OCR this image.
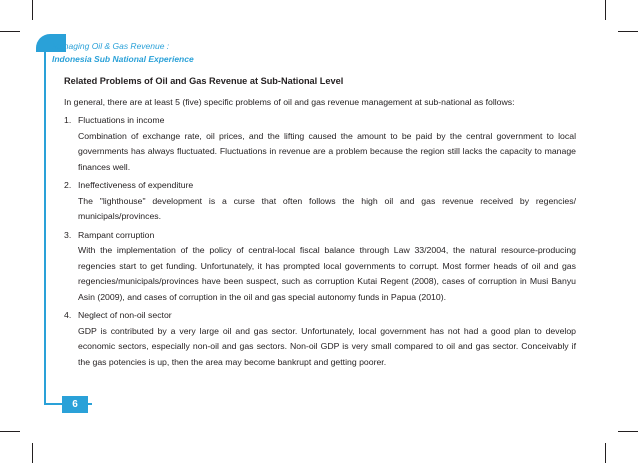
Managing Oil & Gas Revenue :
Indonesia Sub National Experience
Related Problems of Oil and Gas Revenue at Sub-National Level
In general, there are at least 5 (five) specific problems of oil and gas revenue management at sub-national as follows:
1. Fluctuations in income
Combination of exchange rate, oil prices, and the lifting caused the amount to be paid by the central government to local governments has always fluctuated. Fluctuations in revenue are a problem because the region still lacks the capacity to manage finances well.
2. Ineffectiveness of expenditure
The "lighthouse" development is a curse that often follows the high oil and gas revenue received by regencies/ municipals/provinces.
3. Rampant corruption
With the implementation of the policy of central-local fiscal balance through Law 33/2004, the natural resource-producing regencies start to get funding. Unfortunately, it has prompted local governments to corrupt. Most former heads of oil and gas regencies/municipals/provinces have been suspect, such as corruption Kutai Regent (2008), cases of corruption in Musi Banyu Asin (2009), and cases of corruption in the oil and gas special autonomy funds in Papua (2010).
4. Neglect of non-oil sector
GDP is contributed by a very large oil and gas sector. Unfortunately, local government has not had a good plan to develop economic sectors, especially non-oil and gas sectors. Non-oil GDP is very small compared to oil and gas sector. Conceivably if the gas potencies is up, then the area may become bankrupt and getting poorer.
6
